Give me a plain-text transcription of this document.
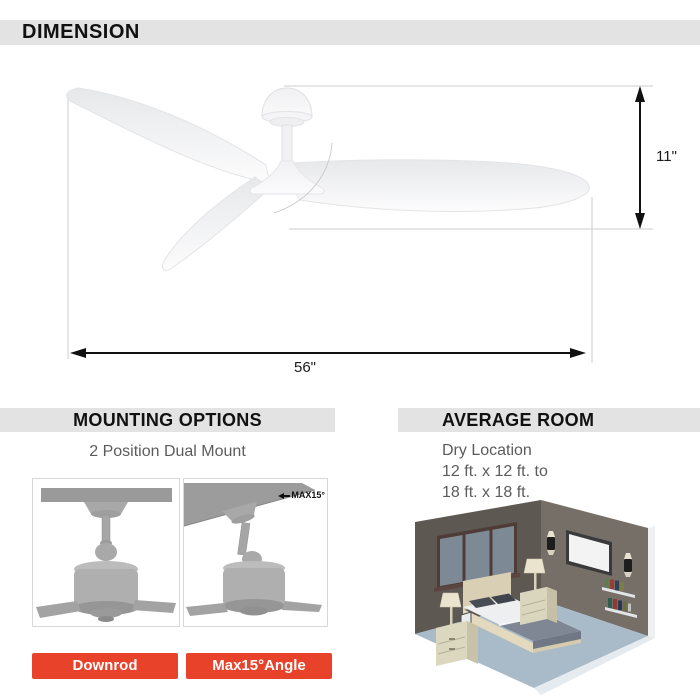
DIMENSION
11"
56"
MOUNTING OPTIONS
2 Position Dual Mount
MAX15°
Downrod	Max15°Angle
AVERAGE ROOM
Dry Location
12 ft. x 12 ft. to
18 ft. x 18 ft.
